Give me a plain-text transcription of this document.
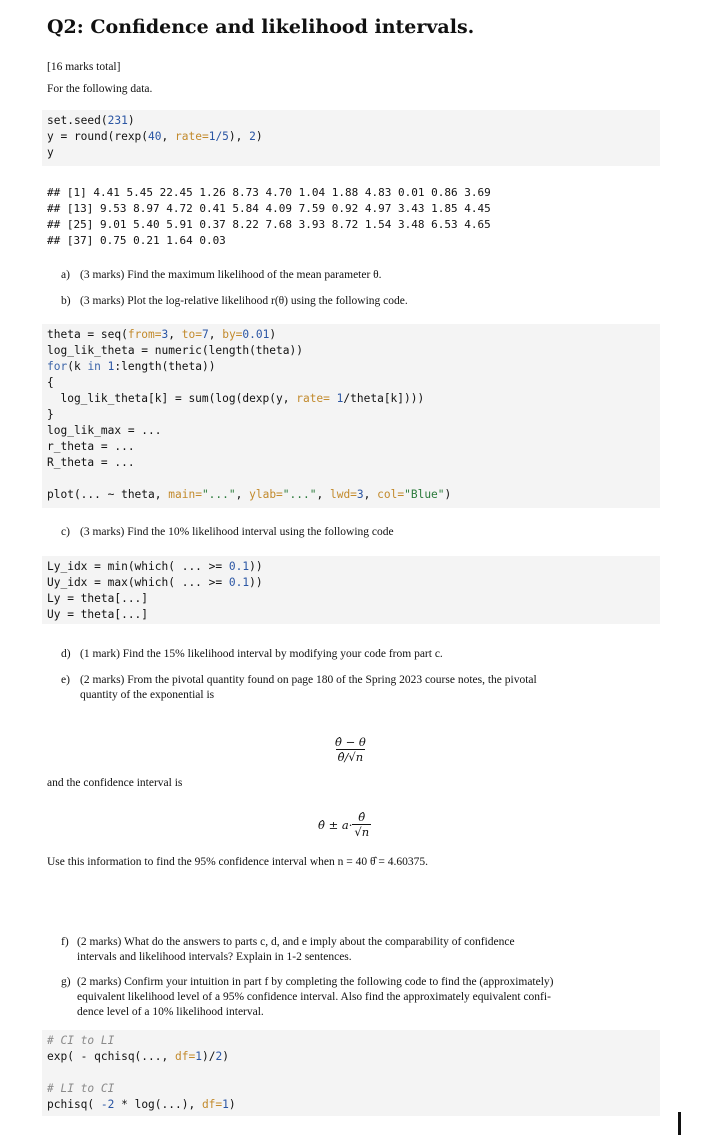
Q2: Confidence and likelihood intervals.
[16 marks total]
For the following data.
set.seed(231)
y = round(rexp(40, rate=1/5), 2)
y
## [1] 4.41 5.45 22.45 1.26 8.73 4.70 1.04 1.88 4.83 0.01 0.86 3.69
## [13] 9.53 8.97 4.72 0.41 5.84 4.09 7.59 0.92 4.97 3.43 1.85 4.45
## [25] 9.01 5.40 5.91 0.37 8.22 7.68 3.93 8.72 1.54 3.48 6.53 4.65
## [37] 0.75 0.21 1.64 0.03
a) (3 marks) Find the maximum likelihood of the mean parameter θ.
b) (3 marks) Plot the log-relative likelihood r(θ) using the following code.
theta = seq(from=3, to=7, by=0.01)
log_lik_theta = numeric(length(theta))
for(k in 1:length(theta))
{
log_lik_theta[k] = sum(log(dexp(y, rate= 1/theta[k])))
}
log_lik_max = ...
r_theta = ...
R_theta = ...

plot(... ~ theta, main="...", ylab="...", lwd=3, col="Blue")
c) (3 marks) Find the 10% likelihood interval using the following code
Ly_idx = min(which( ... >= 0.1))
Uy_idx = max(which( ... >= 0.1))
Ly = theta[...]
Uy = theta[...]
d) (1 mark) Find the 15% likelihood interval by modifying your code from part c.
e) (2 marks) From the pivotal quantity found on page 180 of the Spring 2023 course notes, the pivotal
quantity of the exponential is
$\frac{\thetâ - \theta}{\thetâ/√n}$
and the confidence interval is
θ̂ ± $a\cdot \frac{\thetâ}{√n}$
Use this information to find the 95% confidence interval when n = 40 θ̂ = 4.60375.
f) (2 marks) What do the answers to parts c, d, and e imply about the comparability of confidence
intervals and likelihood intervals? Explain in 1-2 sentences.
g) (2 marks) Confirm your intuition in part f by completing the following code to find the (approximately)
equivalent likelihood level of a 95% confidence interval. Also find the approximately equivalent confi-
dence level of a 10% likelihood interval.
# CI to LI
exp( - qchisq(..., df=1)/2)

# LI to CI
pchisq( -2 * log(...), df=1)
